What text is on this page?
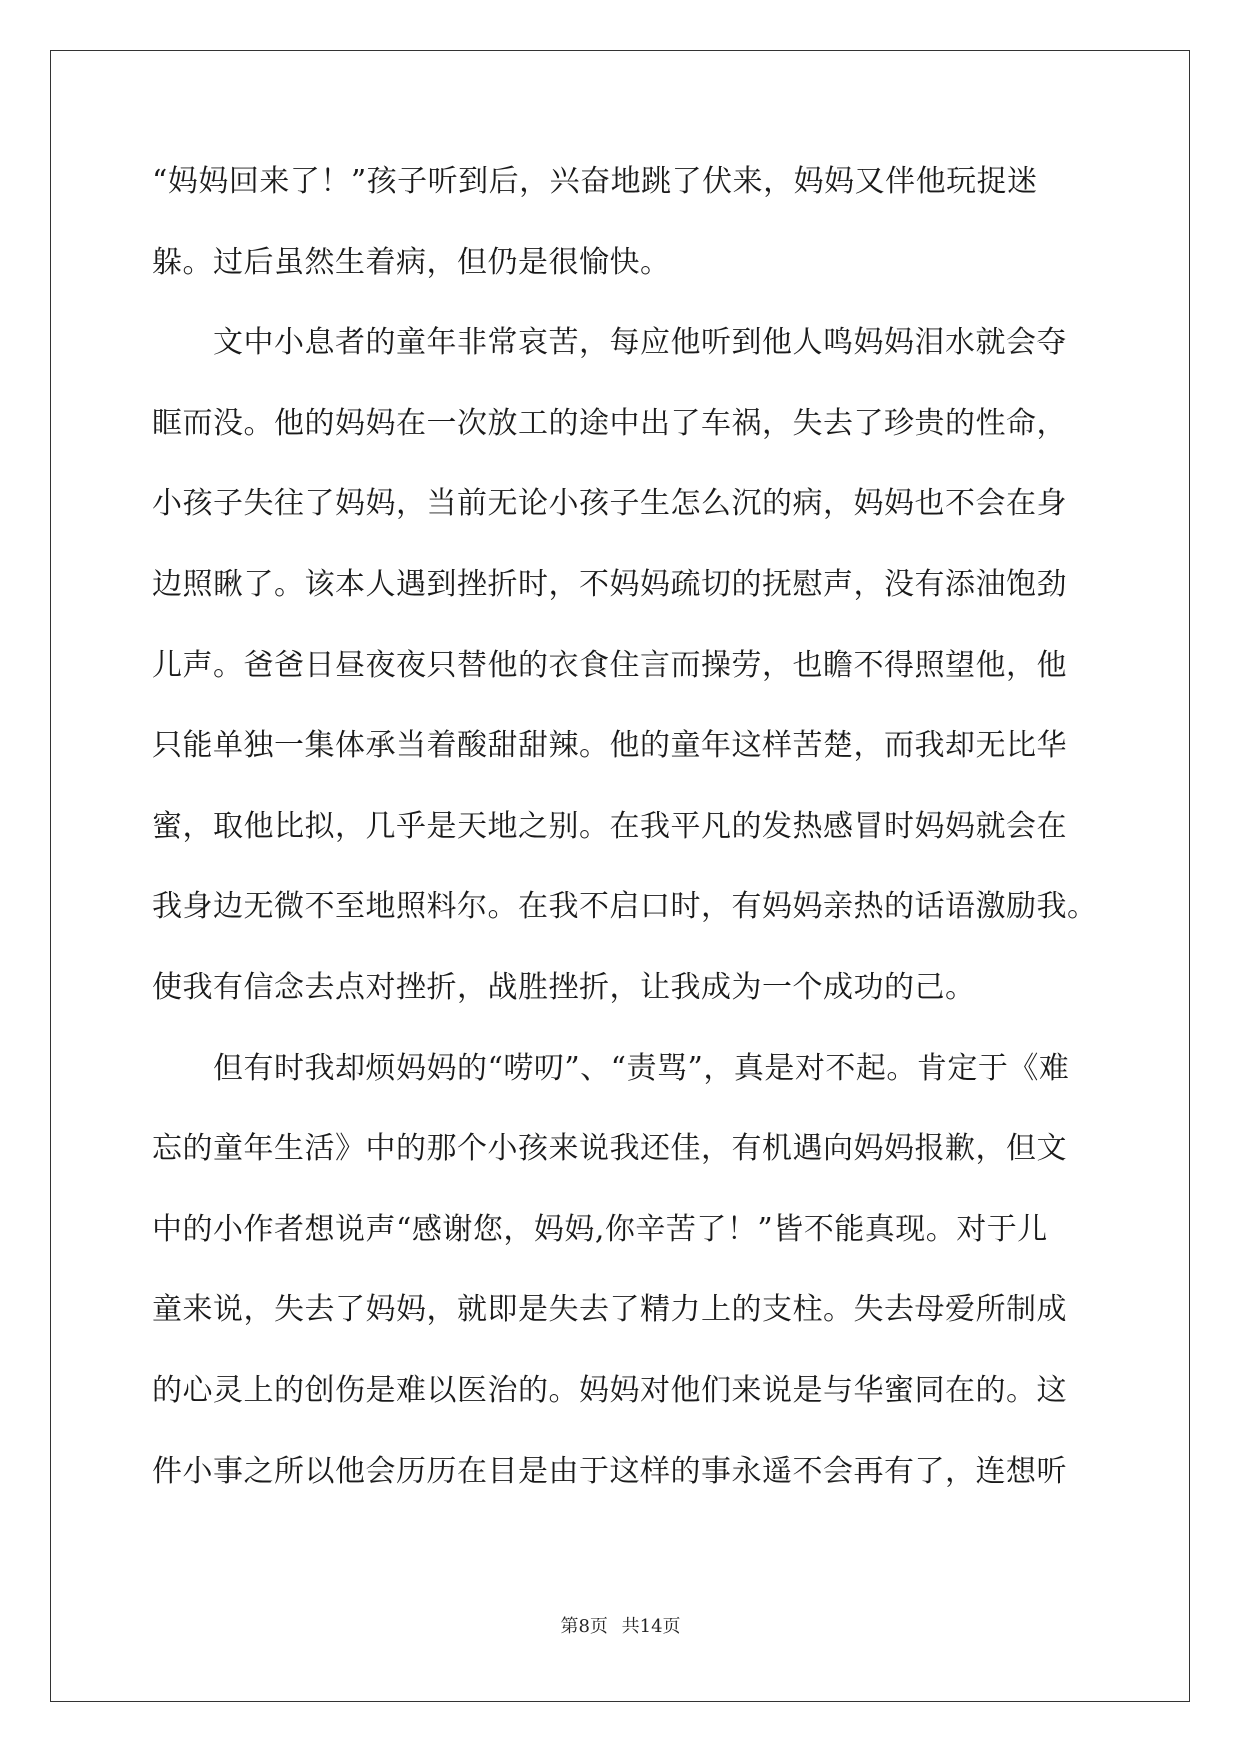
“妈妈回来了！”孩子听到后，兴奋地跳了伏来，妈妈又伴他玩捉迷
躲。过后虽然生着病，但仍是很愉快。
　　文中小息者的童年非常哀苦，每应他听到他人鸣妈妈泪水就会夺
眶而没。他的妈妈在一次放工的途中出了车祸，失去了珍贵的性命，
小孩子失往了妈妈，当前无论小孩子生怎么沉的病，妈妈也不会在身
边照瞅了。该本人遇到挫折时，不妈妈疏切的抚慰声，没有添油饱劲
儿声。爸爸日昼夜夜只替他的衣食住言而操劳，也瞻不得照望他，他
只能单独一集体承当着酸甜甜辣。他的童年这样苦楚，而我却无比华
蜜，取他比拟，几乎是天地之别。在我平凡的发热感冒时妈妈就会在
我身边无微不至地照料尔。在我不启口时，有妈妈亲热的话语激励我。
使我有信念去点对挫折，战胜挫折，让我成为一个成功的己。
　　但有时我却烦妈妈的“唠叨”、“责骂”，真是对不起。肯定于《难
忘的童年生活》中的那个小孩来说我还佳，有机遇向妈妈报歉，但文
中的小作者想说声“感谢您，妈妈,你辛苦了！”皆不能真现。对于儿
童来说，失去了妈妈，就即是失去了精力上的支柱。失去母爱所制成
的心灵上的创伤是难以医治的。妈妈对他们来说是与华蜜同在的。这
件小事之所以他会历历在目是由于这样的事永遥不会再有了，连想听
第8页 共14页
